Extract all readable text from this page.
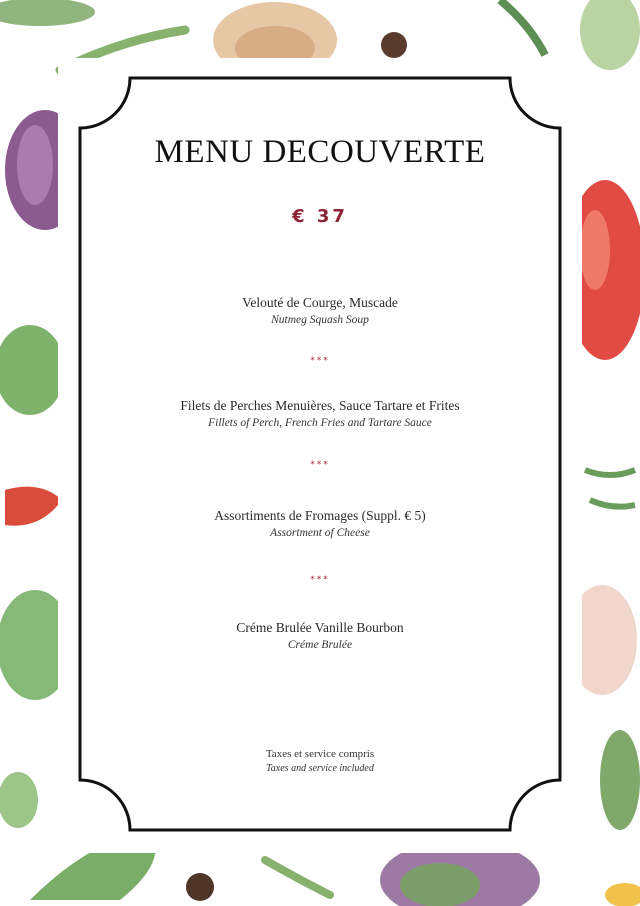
MENU DECOUVERTE
€ 37
Velouté de Courge, Muscade
Nutmeg Squash Soup
***
Filets de Perches Menuières, Sauce Tartare et Frites
Fillets of Perch, French Fries and Tartare Sauce
***
Assortiments de Fromages (Suppl. € 5)
Assortment of Cheese
***
Créme Brulée Vanille Bourbon
Créme Brulée
Taxes et service compris
Taxes and service included
